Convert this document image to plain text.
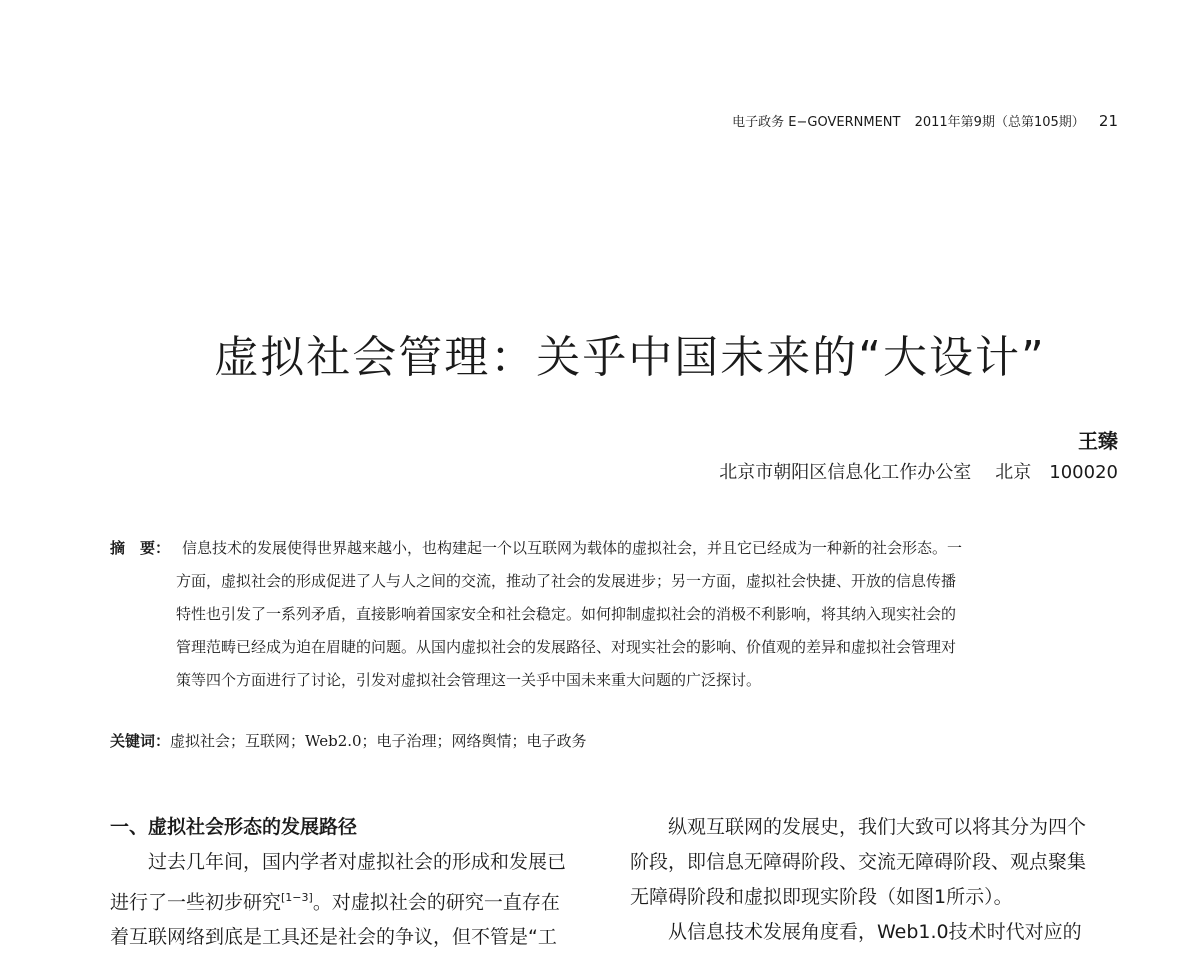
电子政务 E−GOVERNMENT 2011年第9期（总第105期） 21
虚拟社会管理：关乎中国未来的“大设计”
王臻
北京市朝阳区信息化工作办公室 北京 100020
摘　要： 信息技术的发展使得世界越来越小，也构建起一个以互联网为载体的虚拟社会，并且它已经成为一种新的社会形态。一
方面，虚拟社会的形成促进了人与人之间的交流，推动了社会的发展进步；另一方面，虚拟社会快捷、开放的信息传播
特性也引发了一系列矛盾，直接影响着国家安全和社会稳定。如何抑制虚拟社会的消极不利影响，将其纳入现实社会的
管理范畴已经成为迫在眉睫的问题。从国内虚拟社会的发展路径、对现实社会的影响、价值观的差异和虚拟社会管理对
策等四个方面进行了讨论，引发对虚拟社会管理这一关乎中国未来重大问题的广泛探讨。
关键词：虚拟社会；互联网；Web2.0；电子治理；网络舆情；电子政务

一、虚拟社会形态的发展路径

　　过去几年间，国内学者对虚拟社会的形成和发展已

进行了一些初步研究[1−3]。对虚拟社会的研究一直存在

着互联网络到底是工具还是社会的争议，但不管是“工

　　纵观互联网的发展史，我们大致可以将其分为四个

阶段，即信息无障碍阶段、交流无障碍阶段、观点聚集

无障碍阶段和虚拟即现实阶段（如图1所示）。

　　从信息技术发展角度看，Web1.0技术时代对应的
